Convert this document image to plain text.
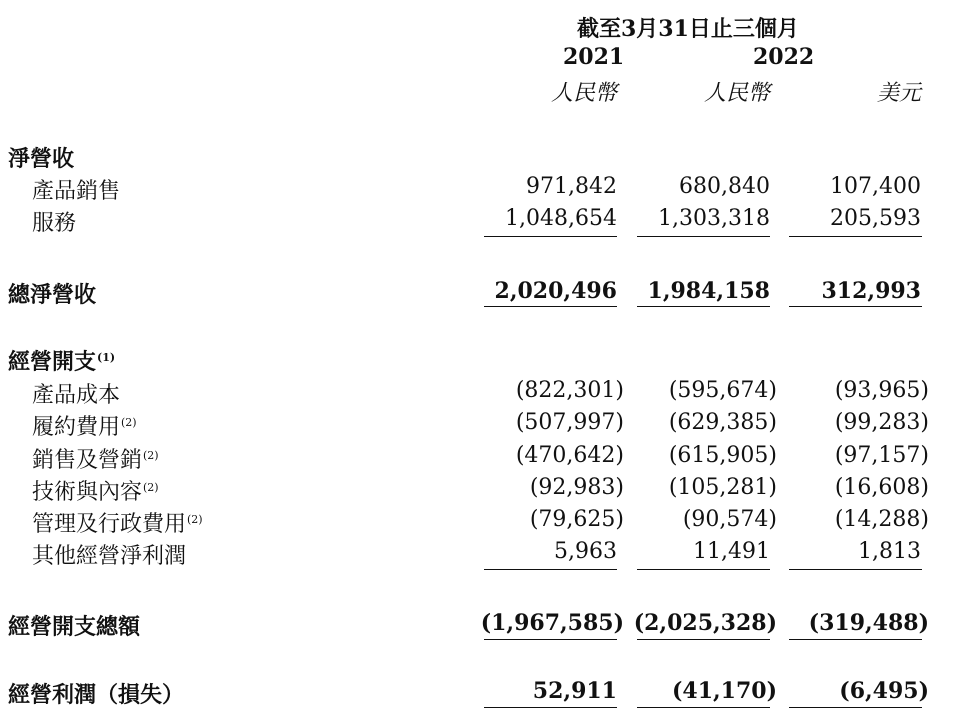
截至3月31日止三個月
2021	2022
人民幣	人民幣	美元
淨營收
產品銷售	971,842	680,840	107,400
服務	1,048,654	1,303,318	205,593
總淨營收	2,020,496	1,984,158	312,993
經營開支$^{(1)}$
產品成本	(822,301)	(595,674)	(93,965)
履約費用$^{(2)}$	(507,997)	(629,385)	(99,283)
銷售及營銷$^{(2)}$	(470,642)	(615,905)	(97,157)
技術與內容$^{(2)}$	(92,983)	(105,281)	(16,608)
管理及行政費用$^{(2)}$	(79,625)	(90,574)	(14,288)
其他經營淨利潤	5,963	11,491	1,813
經營開支總額	(1,967,585) (2,025,328)	(319,488)
經營利潤（損失）	52,911	(41,170)	(6,495)
